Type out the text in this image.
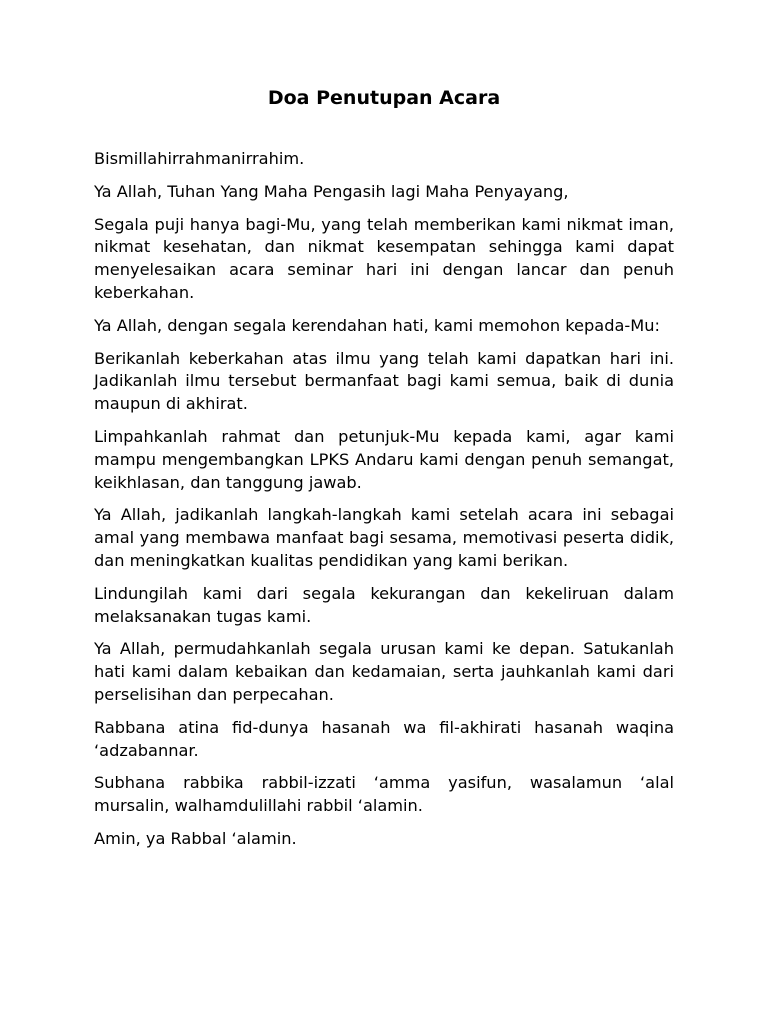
Doa Penutupan Acara

Bismillahirrahmanirrahim.

Ya Allah, Tuhan Yang Maha Pengasih lagi Maha Penyayang,

Segala puji hanya bagi-Mu, yang telah memberikan kami nikmat iman, nikmat kesehatan, dan nikmat kesempatan sehingga kami dapat menyelesaikan acara seminar hari ini dengan lancar dan penuh keberkahan.

Ya Allah, dengan segala kerendahan hati, kami memohon kepada-Mu:

Berikanlah keberkahan atas ilmu yang telah kami dapatkan hari ini. Jadikanlah ilmu tersebut bermanfaat bagi kami semua, baik di dunia maupun di akhirat.

Limpahkanlah rahmat dan petunjuk-Mu kepada kami, agar kami mampu mengembangkan LPKS Andaru kami dengan penuh semangat, keikhlasan, dan tanggung jawab.

Ya Allah, jadikanlah langkah-langkah kami setelah acara ini sebagai amal yang membawa manfaat bagi sesama, memotivasi peserta didik, dan meningkatkan kualitas pendidikan yang kami berikan.

Lindungilah kami dari segala kekurangan dan kekeliruan dalam melaksanakan tugas kami.

Ya Allah, permudahkanlah segala urusan kami ke depan. Satukanlah hati kami dalam kebaikan dan kedamaian, serta jauhkanlah kami dari perselisihan dan perpecahan.

Rabbana atina fid-dunya hasanah wa fil-akhirati hasanah waqina ‘adzabannar.

Subhana rabbika rabbil-izzati ‘amma yasifun, wasalamun ‘alal mursalin, walhamdulillahi rabbil ‘alamin.

Amin, ya Rabbal ‘alamin.
